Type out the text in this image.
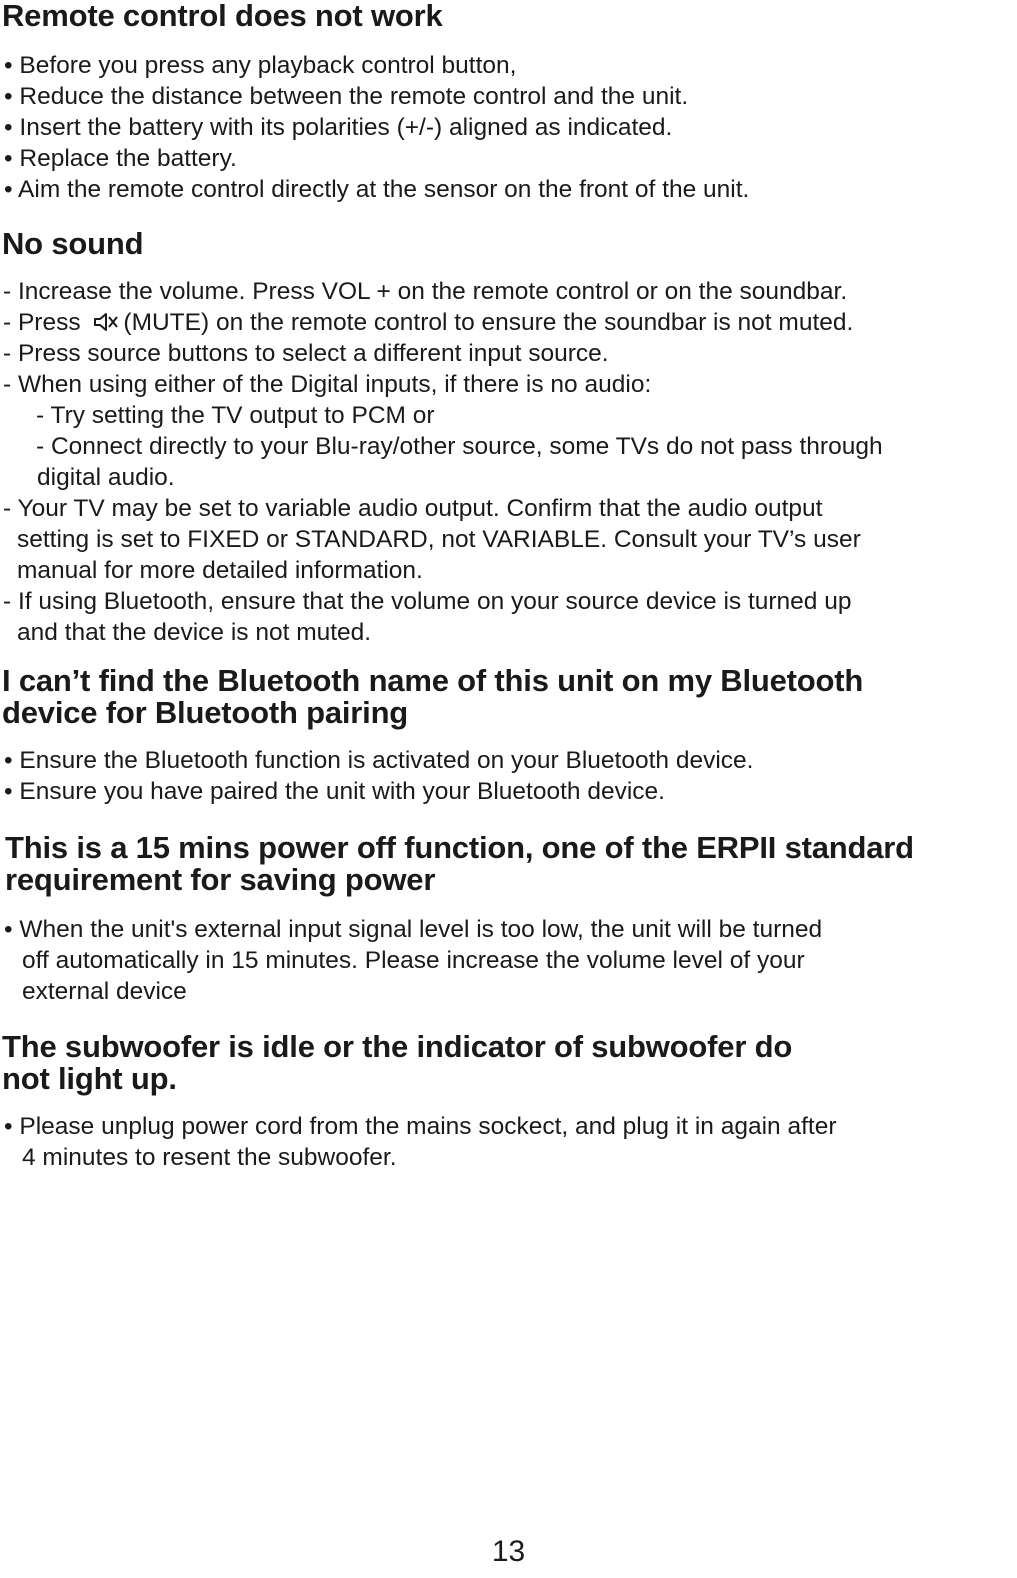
Remote control does not work
• Before you press any playback control button,
• Reduce the distance between the remote control and the unit.
• Insert the battery with its polarities (+/-) aligned as indicated.
• Replace the battery.
• Aim the remote control directly at the sensor on the front of the unit.
No sound
- Increase the volume. Press VOL + on the remote control or on the soundbar.
- Press (MUTE) on the remote control to ensure the soundbar is not muted.
- Press source buttons to select a different input source.
- When using either of the Digital inputs, if there is no audio:
- Try setting the TV output to PCM or
- Connect directly to your Blu-ray/other source, some TVs do not pass through
digital audio.
- Your TV may be set to variable audio output. Confirm that the audio output
setting is set to FIXED or STANDARD, not VARIABLE. Consult your TV’s user
manual for more detailed information.
- If using Bluetooth, ensure that the volume on your source device is turned up
and that the device is not muted.
I can’t find the Bluetooth name of this unit on my Bluetooth
device for Bluetooth pairing
• Ensure the Bluetooth function is activated on your Bluetooth device.
• Ensure you have paired the unit with your Bluetooth device.
This is a 15 mins power off function, one of the ERPII standard
requirement for saving power
• When the unit's external input signal level is too low, the unit will be turned
off automatically in 15 minutes. Please increase the volume level of your
external device
The subwoofer is idle or the indicator of subwoofer do
not light up.
• Please unplug power cord from the mains sockect, and plug it in again after
4 minutes to resent the subwoofer.
13
